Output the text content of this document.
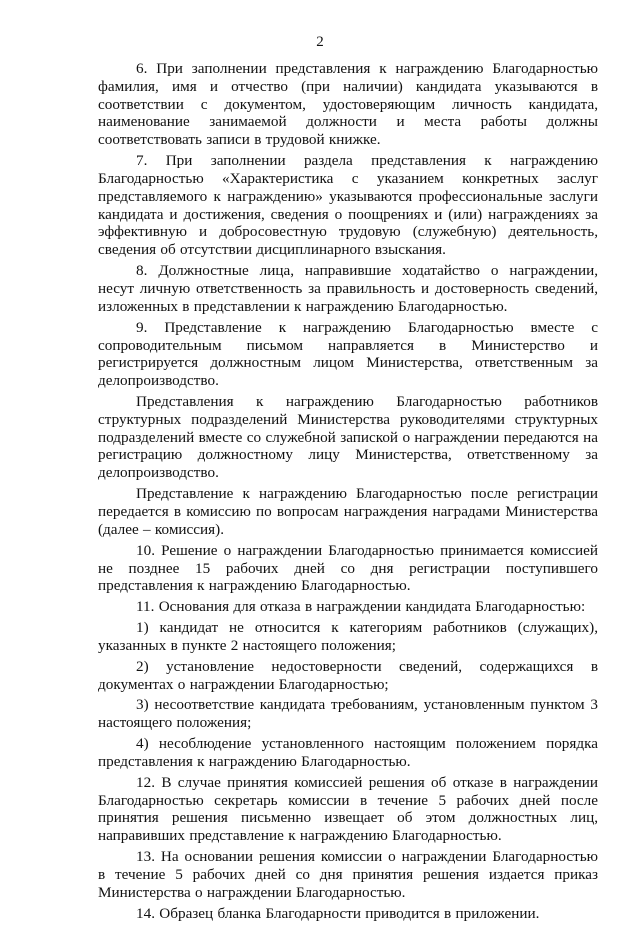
2

6. При заполнении представления к награждению Благодарностью фамилия, имя и отчество (при наличии) кандидата указываются в соответствии с документом, удостоверяющим личность кандидата, наименование занимаемой должности и места работы должны соответствовать записи в трудовой книжке.

7. При заполнении раздела представления к награждению Благодарностью «Характеристика с указанием конкретных заслуг представляемого к награждению» указываются профессиональные заслуги кандидата и достижения, сведения о поощрениях и (или) награждениях за эффективную и добросовестную трудовую (служебную) деятельность, сведения об отсутствии дисциплинарного взыскания.

8. Должностные лица, направившие ходатайство о награждении, несут личную ответственность за правильность и достоверность сведений, изложенных в представлении к награждению Благодарностью.

9. Представление к награждению Благодарностью вместе с сопроводительным письмом направляется в Министерство и регистрируется должностным лицом Министерства, ответственным за делопроизводство.

Представления к награждению Благодарностью работников структурных подразделений Министерства руководителями структурных подразделений вместе со служебной запиской о награждении передаются на регистрацию должностному лицу Министерства, ответственному за делопроизводство.

Представление к награждению Благодарностью после регистрации передается в комиссию по вопросам награждения наградами Министерства (далее – комиссия).

10. Решение о награждении Благодарностью принимается комиссией не позднее 15 рабочих дней со дня регистрации поступившего представления к награждению Благодарностью.

11. Основания для отказа в награждении кандидата Благодарностью:

1) кандидат не относится к категориям работников (служащих), указанных в пункте 2 настоящего положения;

2) установление недостоверности сведений, содержащихся в документах о награждении Благодарностью;

3) несоответствие кандидата требованиям, установленным пунктом 3 настоящего положения;

4) несоблюдение установленного настоящим положением порядка представления к награждению Благодарностью.

12. В случае принятия комиссией решения об отказе в награждении Благодарностью секретарь комиссии в течение 5 рабочих дней после принятия решения письменно извещает об этом должностных лиц, направивших представление к награждению Благодарностью.

13. На основании решения комиссии о награждении Благодарностью в течение 5 рабочих дней со дня принятия решения издается приказ Министерства о награждении Благодарностью.

14. Образец бланка Благодарности приводится в приложении.
